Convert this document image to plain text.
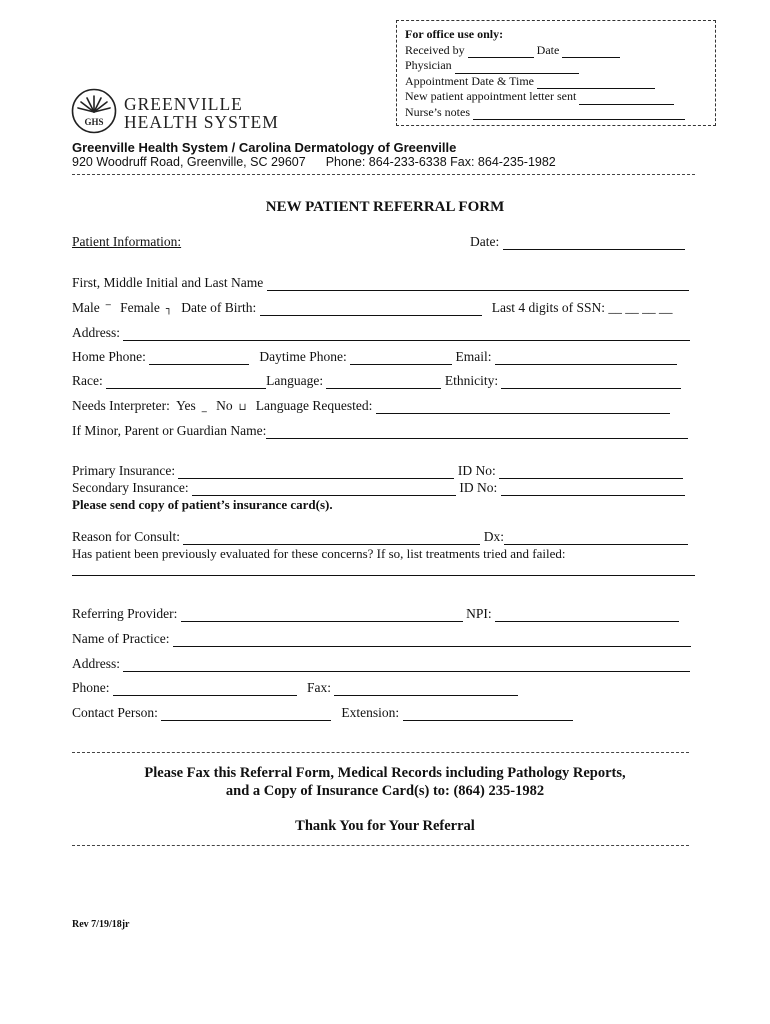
For office use only:
Received by	Date
Physician
Appointment Date & Time
New patient appointment letter sent
Nurse’s notes
GHS
GREENVILLE
HEALTH SYSTEM
Greenville Health System / Carolina Dermatology of Greenville
920 Woodruff Road, Greenville, SC 29607 Phone: 864-233-6338 Fax: 864-235-1982
NEW PATIENT REFERRAL FORM
Patient Information:	Date:
First, Middle Initial and Last Name
Male ‾ Female ┐ Date of Birth:	Last 4 digits of SSN: __ __ __ __
Address:
Home Phone:	Daytime Phone:	Email:
Race:	Language:	Ethnicity:
Needs Interpreter: Yes _ No ⊔ Language Requested:
If Minor, Parent or Guardian Name:
Primary Insurance:	ID No:
Secondary Insurance:	ID No:
Please send copy of patient’s insurance card(s).
Reason for Consult:	Dx:
Has patient been previously evaluated for these concerns? If so, list treatments tried and failed:
Referring Provider:	NPI:
Name of Practice:
Address:
Phone:	Fax:
Contact Person:	Extension:
Please Fax this Referral Form, Medical Records including Pathology Reports,
and a Copy of Insurance Card(s) to: (864) 235-1982
Thank You for Your Referral
Rev 7/19/18jr
